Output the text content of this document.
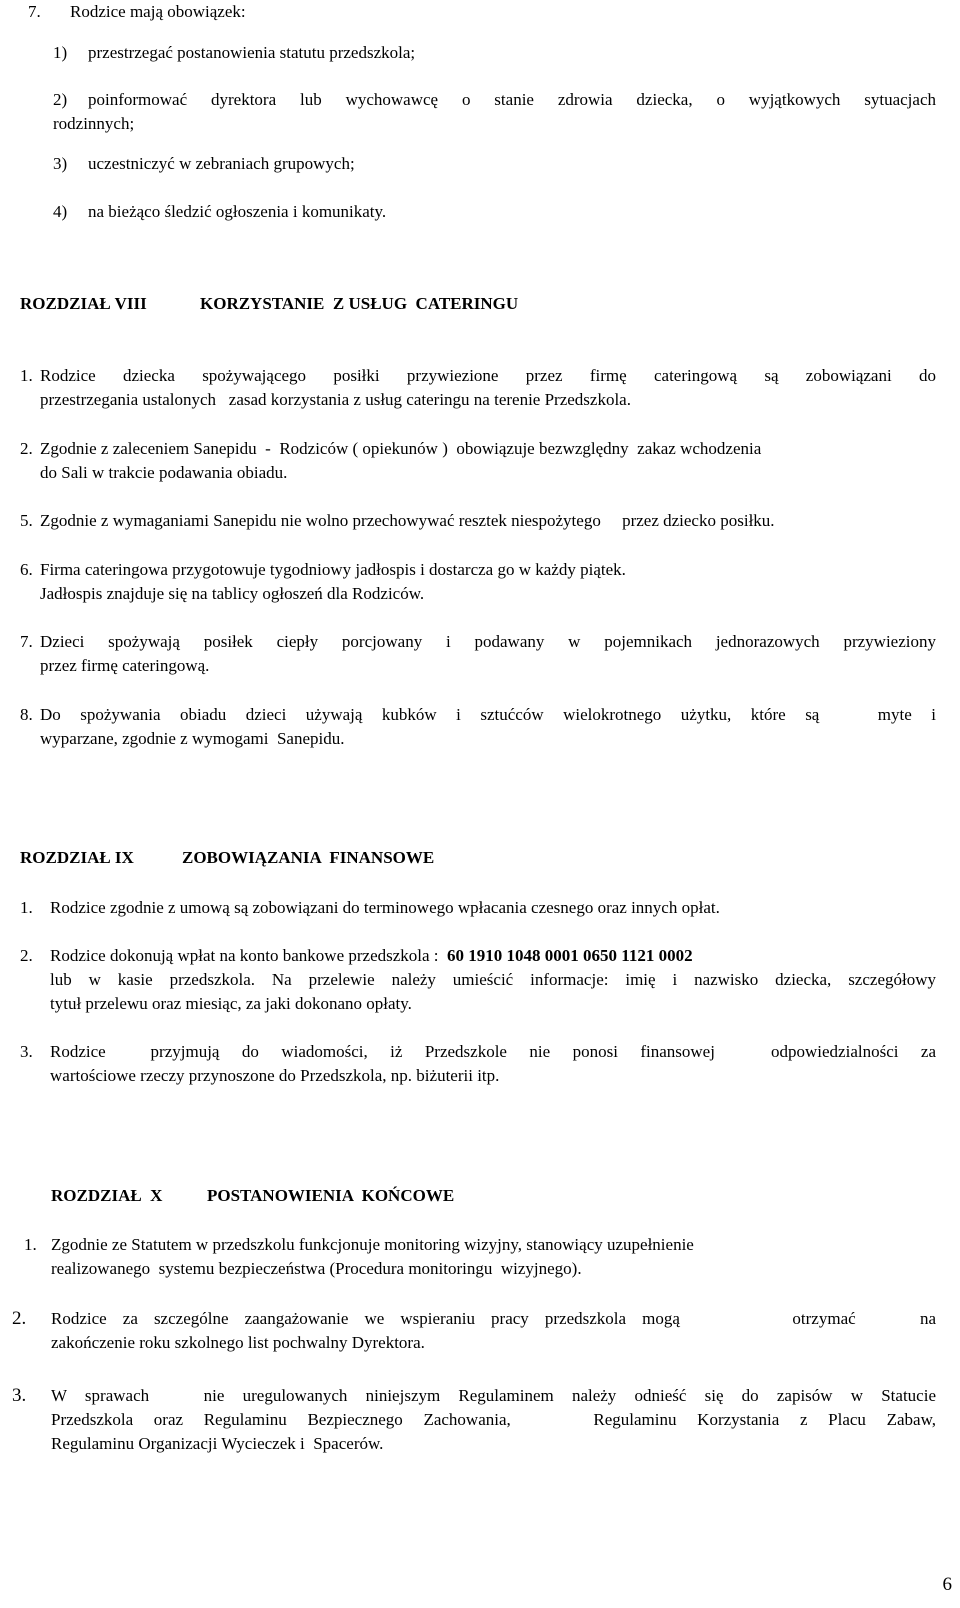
7.	Rodzice mają obowiązek:
1)	przestrzegać postanowienia statutu przedszkola;
2)	poinformować dyrektora lub wychowawcę o stanie zdrowia dziecka, o wyjątkowych sytuacjach
rodzinnych;
3)	uczestniczyć w zebraniach grupowych;
4)	na bieżąco śledzić ogłoszenia i komunikaty.
ROZDZIAŁ VIII	KORZYSTANIE  Z USŁUG  CATERINGU
1. Rodzice dziecka spożywającego posiłki przywiezione przez firmę cateringową są zobowiązani do
przestrzegania ustalonych   zasad korzystania z usług cateringu na terenie Przedszkola.
2. Zgodnie z zaleceniem Sanepidu  -  Rodziców ( opiekunów )  obowiązuje bezwzględny  zakaz wchodzenia
do Sali w trakcie podawania obiadu.
5. Zgodnie z wymaganiami Sanepidu nie wolno przechowywać resztek niespożytego     przez dziecko posiłku.
6. Firma cateringowa przygotowuje tygodniowy jadłospis i dostarcza go w każdy piątek.
Jadłospis znajduje się na tablicy ogłoszeń dla Rodziców.
7. Dzieci spożywają posiłek ciepły porcjowany i podawany w pojemnikach jednorazowych przywieziony
przez firmę cateringową.
8. Do spożywania obiadu dzieci używają kubków i sztućców wielokrotnego użytku, które są   myte i
wyparzane, zgodnie z wymogami  Sanepidu.
ROZDZIAŁ IX	ZOBOWIĄZANIA  FINANSOWE
1.	Rodzice zgodnie z umową są zobowiązani do terminowego wpłacania czesnego oraz innych opłat.
2.	Rodzice dokonują wpłat na konto bankowe przedszkola :  60 1910 1048 0001 0650 1121 0002
lub w kasie przedszkola. Na przelewie należy umieścić informacje: imię i nazwisko dziecka, szczegółowy
tytuł przelewu oraz miesiąc, za jaki dokonano opłaty.
3.	Rodzice    przyjmują  do  wiadomości,  iż  Przedszkole  nie  ponosi  finansowej     odpowiedzialności  za
wartościowe rzeczy przynoszone do Przedszkola, np. biżuterii itp.
ROZDZIAŁ  X	POSTANOWIENIA  KOŃCOWE
1. Zgodnie ze Statutem w przedszkolu funkcjonuje monitoring wizyjny, stanowiący uzupełnienie
realizowanego  systemu bezpieczeństwa (Procedura monitoringu  wizyjnego).
2.	Rodzice za szczególne zaangażowanie we wspieraniu pracy przedszkola mogą       otrzymać    na
zakończenie roku szkolnego list pochwalny Dyrektora.
3.	W sprawach   nie uregulowanych niniejszym Regulaminem należy odnieść się do zapisów w Statucie
Przedszkola oraz Regulaminu Bezpiecznego Zachowania,    Regulaminu Korzystania z Placu Zabaw,
Regulaminu Organizacji Wycieczek i  Spacerów.
6
